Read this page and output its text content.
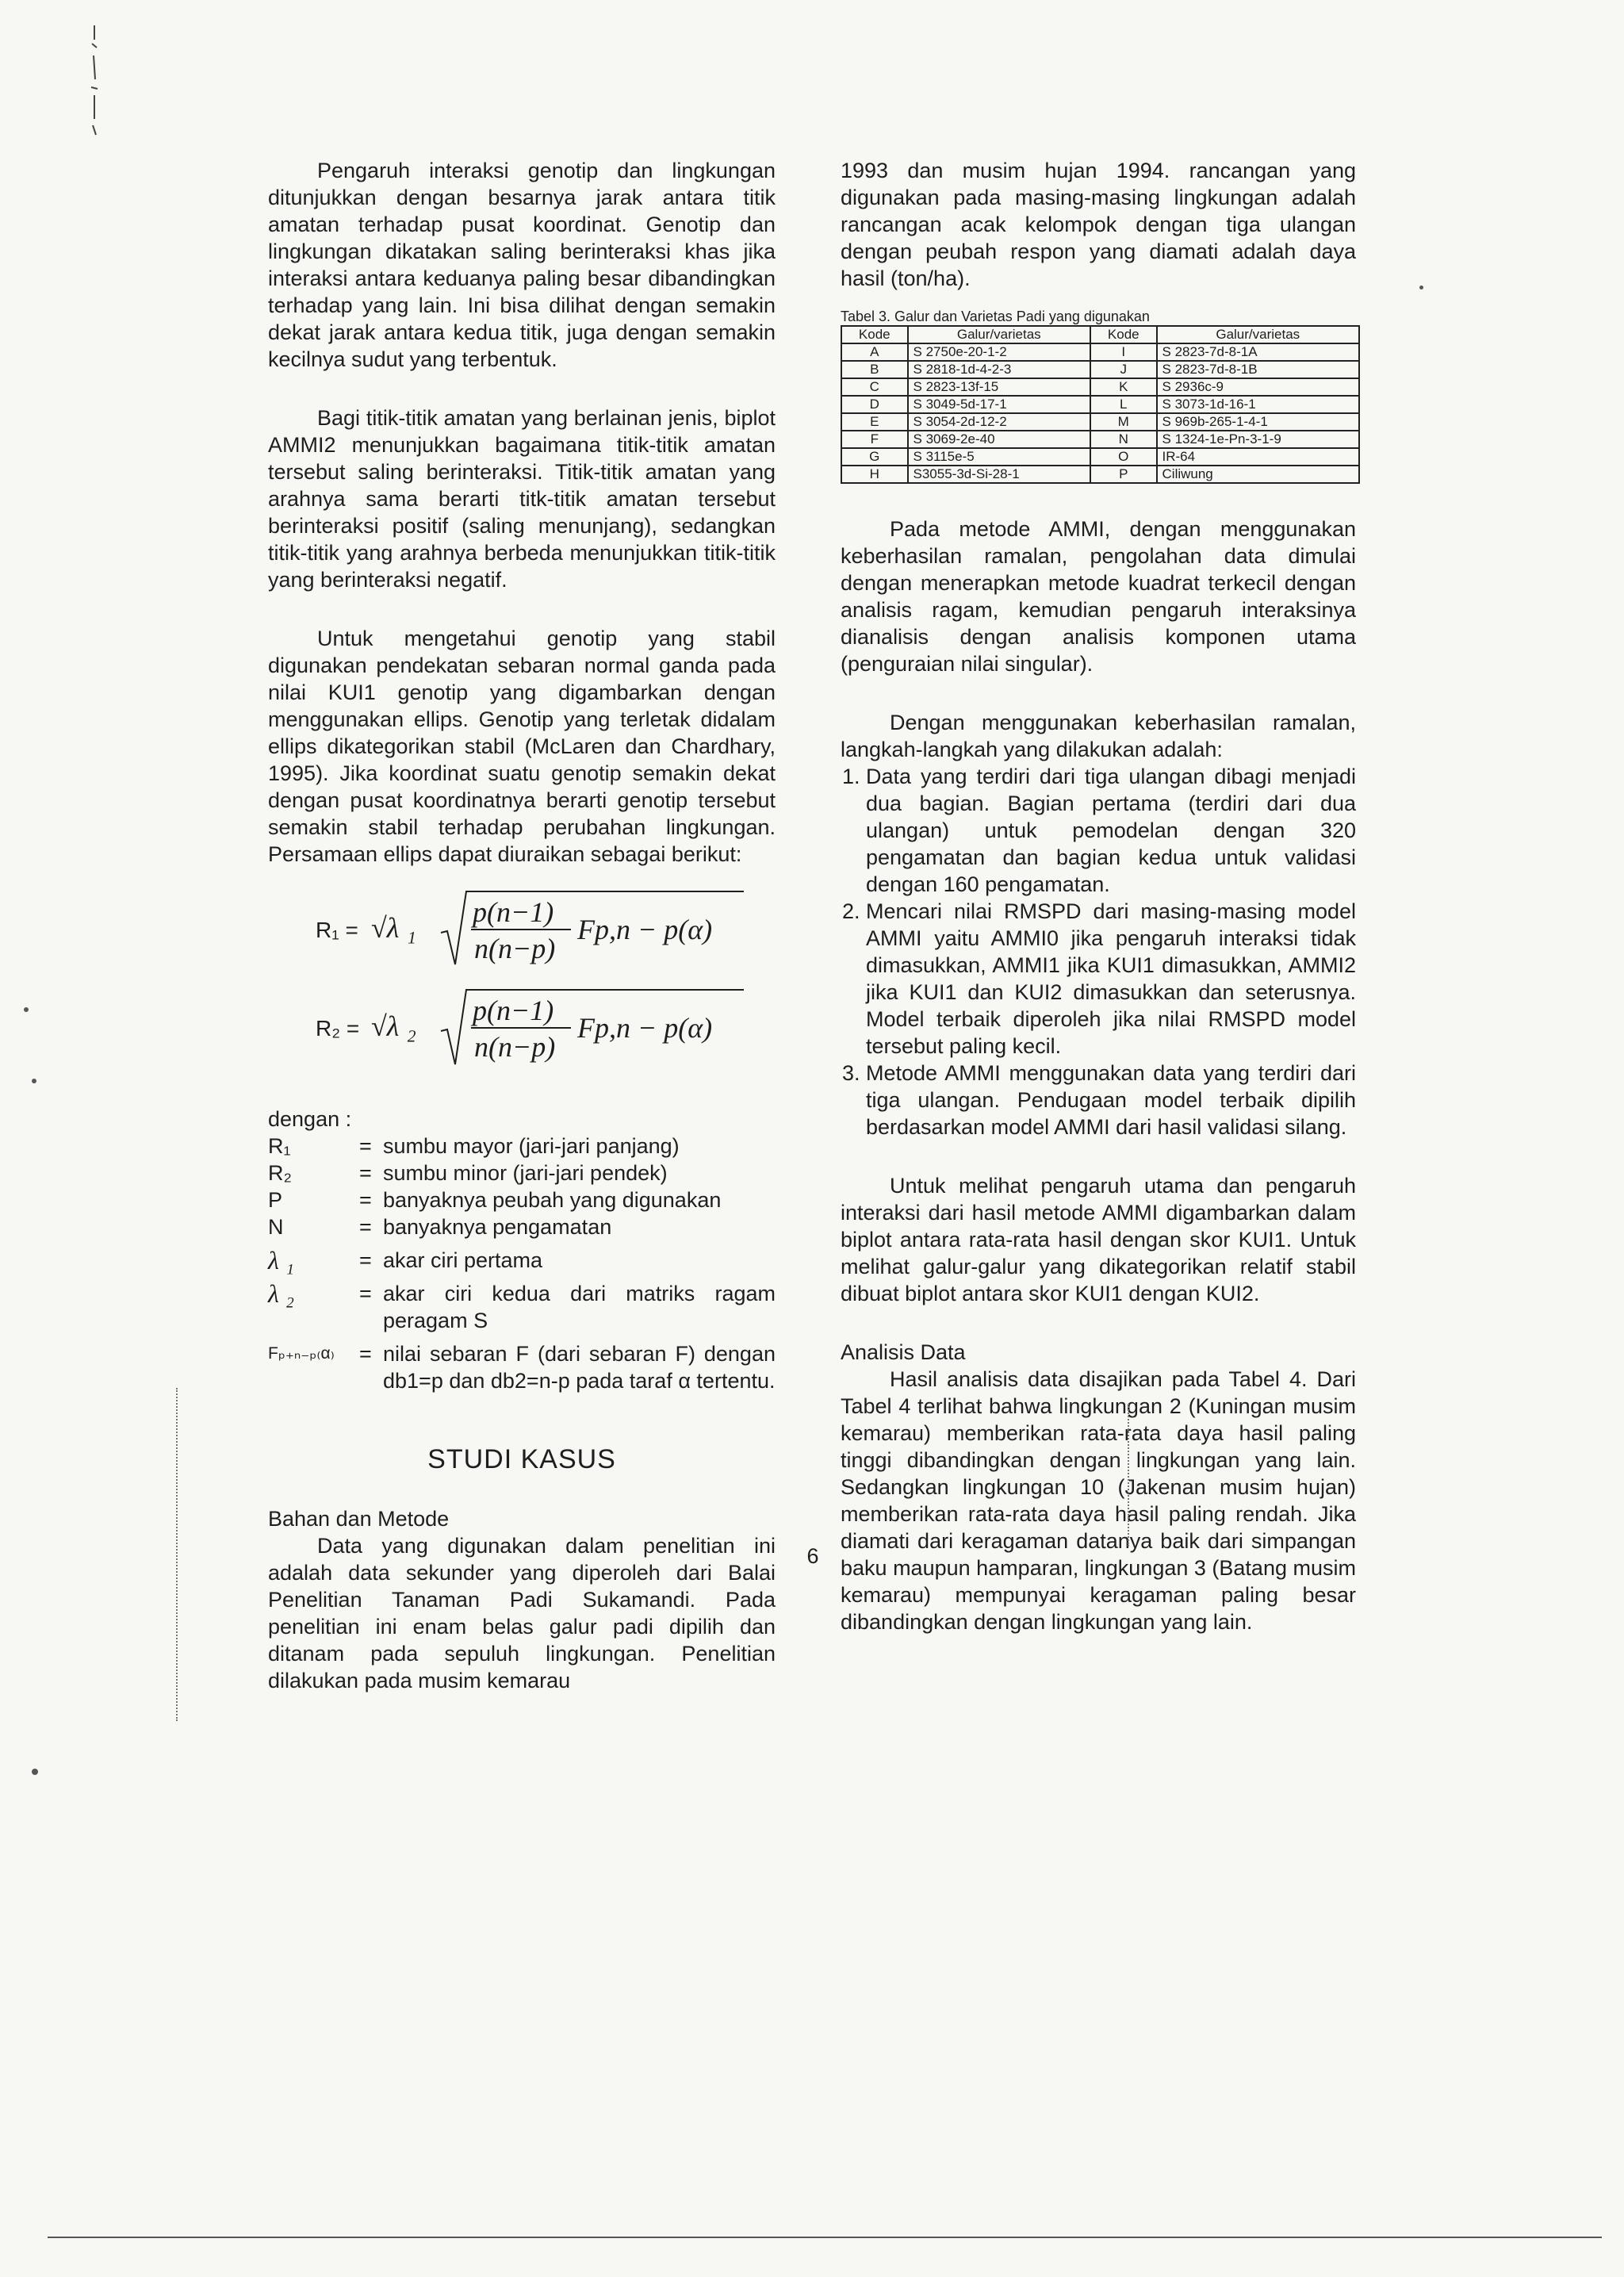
Pengaruh interaksi genotip dan lingkungan ditunjukkan dengan besarnya jarak antara titik amatan terhadap pusat koordinat. Genotip dan lingkungan dikatakan saling berinteraksi khas jika interaksi antara keduanya paling besar dibandingkan terhadap yang lain. Ini bisa dilihat dengan semakin dekat jarak antara kedua titik, juga dengan semakin kecilnya sudut yang terbentuk.

Bagi titik-titik amatan yang berlainan jenis, biplot AMMI2 menunjukkan bagaimana titik-titik amatan tersebut saling berinteraksi. Titik-titik amatan yang arahnya sama berarti titk-titik amatan tersebut berinteraksi positif (saling menunjang), sedangkan titik-titik yang arahnya berbeda menunjukkan titik-titik yang berinteraksi negatif.

Untuk mengetahui genotip yang stabil digunakan pendekatan sebaran normal ganda pada nilai KUI1 genotip yang digambarkan dengan menggunakan ellips. Genotip yang terletak didalam ellips dikategorikan stabil (McLaren dan Chardhary, 1995). Jika koordinat suatu genotip semakin dekat dengan pusat koordinatnya berarti genotip tersebut semakin stabil terhadap perubahan lingkungan. Persamaan ellips dapat diuraikan sebagai berikut:

R₁ = √λ ₁ p(n−1)
n(n−p)
Fp,n − p(α)
R₂ = √λ ₂ p(n−1)
n(n−p)
Fp,n − p(α)

dengan :

R₁	= sumbu mayor (jari-jari panjang)
R₂	= sumbu minor (jari-jari pendek)
P	= banyaknya peubah yang digunakan
N	= banyaknya pengamatan
λ ₁	= akar ciri pertama
λ ₂	= akar ciri kedua dari matriks ragam peragam S
Fₚ₊ₙ₋ₚ₍α₎	= nilai sebaran F (dari sebaran F) dengan db1=p dan db2=n-p pada taraf α tertentu.
STUDI KASUS

Bahan dan Metode

Data yang digunakan dalam penelitian ini adalah data sekunder yang diperoleh dari Balai Penelitian Tanaman Padi Sukamandi. Pada penelitian ini enam belas galur padi dipilih dan ditanam pada sepuluh lingkungan. Penelitian dilakukan pada musim kemarau

1993 dan musim hujan 1994. rancangan yang digunakan pada masing-masing lingkungan adalah rancangan acak kelompok dengan tiga ulangan dengan peubah respon yang diamati adalah daya hasil (ton/ha).

Tabel 3. Galur dan Varietas Padi yang digunakan
Kode	Galur/varietas	Kode	Galur/varietas
A	S 2750e-20-1-2	I	S 2823-7d-8-1A
B	S 2818-1d-4-2-3	J	S 2823-7d-8-1B
C	S 2823-13f-15	K	S 2936c-9
D	S 3049-5d-17-1	L	S 3073-1d-16-1
E	S 3054-2d-12-2	M	S 969b-265-1-4-1
F	S 3069-2e-40	N	S 1324-1e-Pn-3-1-9
G	S 3115e-5	O	IR-64
H	S3055-3d-Si-28-1	P	Ciliwung

Pada metode AMMI, dengan menggunakan keberhasilan ramalan, pengolahan data dimulai dengan menerapkan metode kuadrat terkecil dengan analisis ragam, kemudian pengaruh interaksinya dianalisis dengan analisis komponen utama (penguraian nilai singular).

Dengan menggunakan keberhasilan ramalan, langkah-langkah yang dilakukan adalah:

1. Data yang terdiri dari tiga ulangan dibagi menjadi dua bagian. Bagian pertama (terdiri dari dua ulangan) untuk pemodelan dengan 320 pengamatan dan bagian kedua untuk validasi dengan 160 pengamatan.
2. Mencari nilai RMSPD dari masing-masing model AMMI yaitu AMMI0 jika pengaruh interaksi tidak dimasukkan, AMMI1 jika KUI1 dimasukkan, AMMI2 jika KUI1 dan KUI2 dimasukkan dan seterusnya. Model terbaik diperoleh jika nilai RMSPD model tersebut paling kecil.
3. Metode AMMI menggunakan data yang terdiri dari tiga ulangan. Pendugaan model terbaik dipilih berdasarkan model AMMI dari hasil validasi silang.

Untuk melihat pengaruh utama dan pengaruh interaksi dari hasil metode AMMI digambarkan dalam biplot antara rata-rata hasil dengan skor KUI1. Untuk melihat galur-galur yang dikategorikan relatif stabil dibuat biplot antara skor KUI1 dengan KUI2.

Analisis Data

Hasil analisis data disajikan pada Tabel 4. Dari Tabel 4 terlihat bahwa lingkungan 2 (Kuningan musim kemarau) memberikan rata-rata daya hasil paling tinggi dibandingkan dengan lingkungan yang lain. Sedangkan lingkungan 10 (Jakenan musim hujan) memberikan rata-rata daya hasil paling rendah. Jika diamati dari keragaman datanya baik dari simpangan baku maupun hamparan, lingkungan 3 (Batang musim kemarau) mempunyai keragaman paling besar dibandingkan dengan lingkungan yang lain.

6
